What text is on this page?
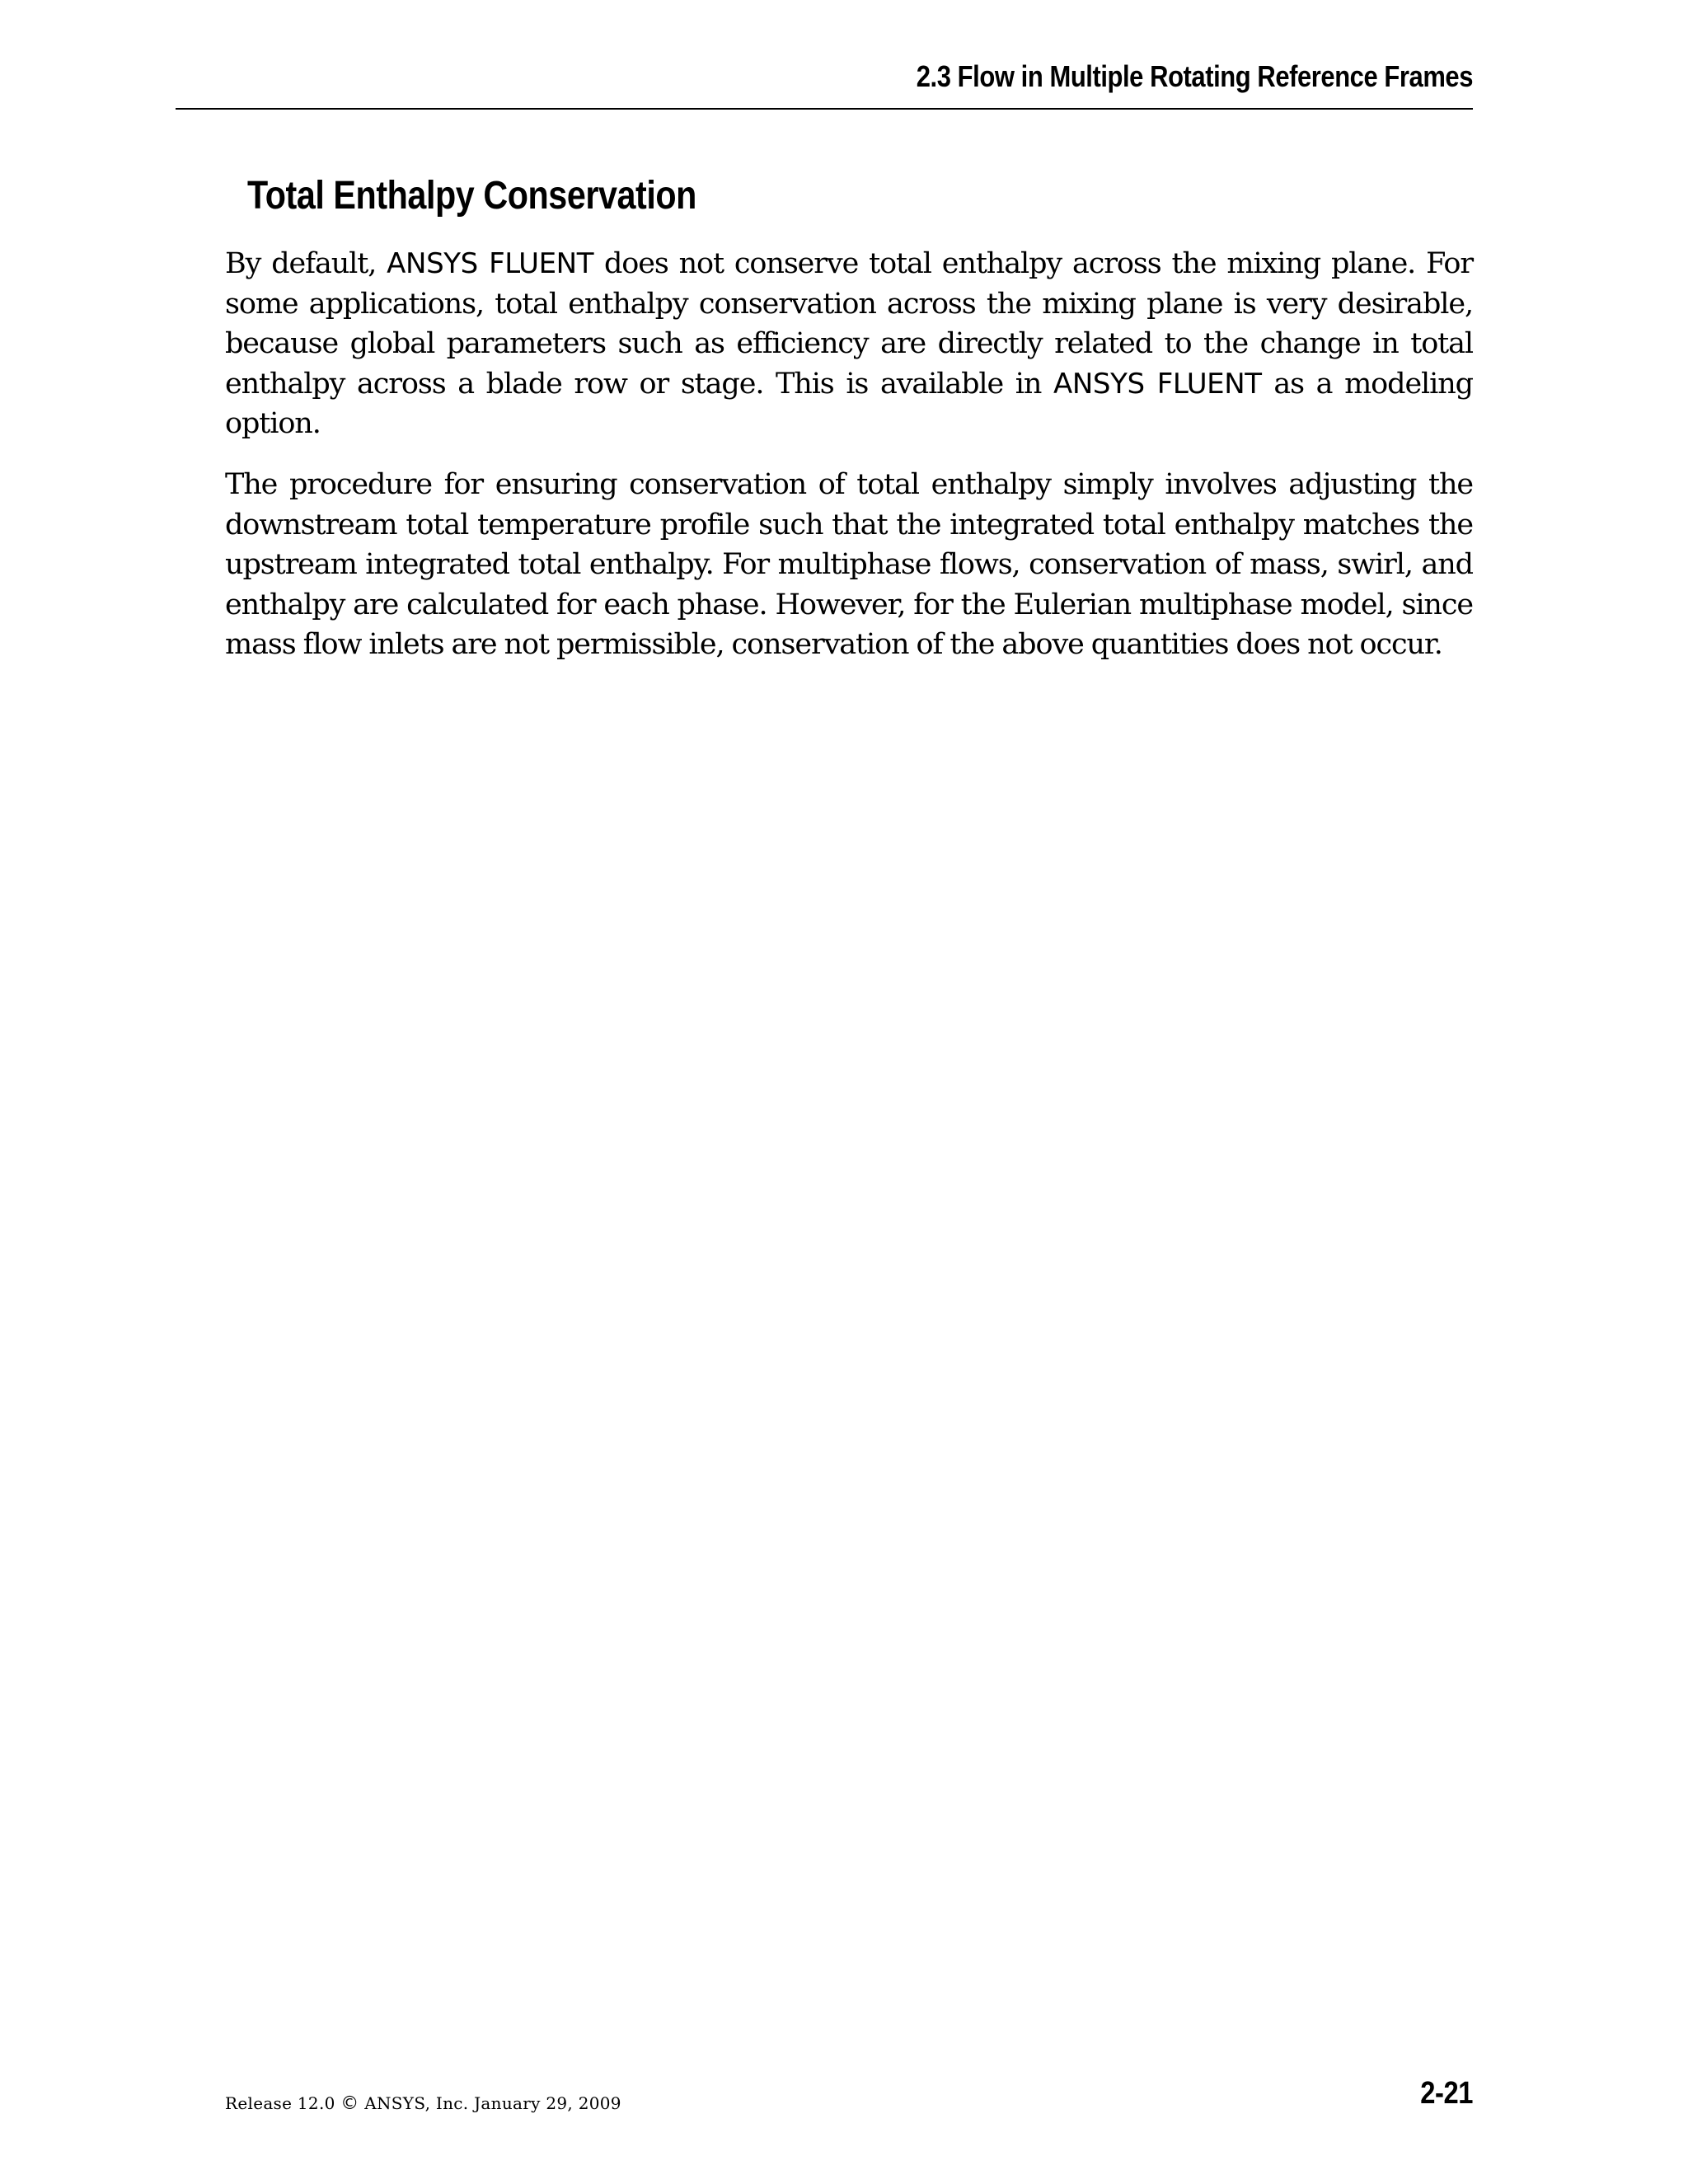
2.3 Flow in Multiple Rotating Reference Frames
Total Enthalpy Conservation

By default, ANSYS FLUENT does not conserve total enthalpy across the mixing plane. For some applications, total enthalpy conservation across the mixing plane is very desirable, because global parameters such as efficiency are directly related to the change in total enthalpy across a blade row or stage. This is available in ANSYS FLUENT as a modeling option.

The procedure for ensuring conservation of total enthalpy simply involves adjusting the downstream total temperature profile such that the integrated total enthalpy matches the upstream integrated total enthalpy. For multiphase flows, conservation of mass, swirl, and enthalpy are calculated for each phase. However, for the Eulerian multiphase model, since mass flow inlets are not permissible, conservation of the above quantities does not occur.

Release 12.0 © ANSYS, Inc. January 29, 2009	2-21
